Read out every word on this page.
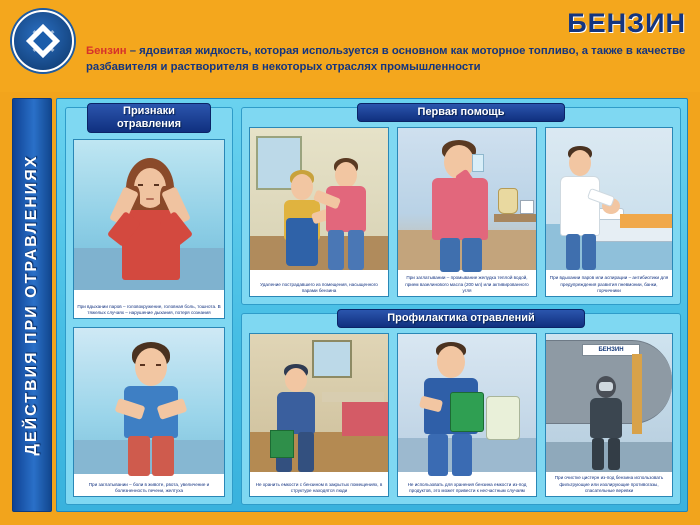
БЕНЗИН
Бензин – ядовитая жидкость, которая используется в основном как моторное топливо, а также в качестве разбавителя и растворителя в некоторых отраслях промышленности
ДЕЙСТВИЯ ПРИ ОТРАВЛЕНИЯХ
Признаки
отравления
При вдыхании паров – головокружение, головная боль, тошнота. В тяжелых случаях – нарушение дыхания, потеря сознания
При заглатывании – боли в животе, рвота, увеличение и болезненность печени, желтуха
Первая помощь
Удаление пострадавшего из помещения, насыщенного парами бензина
При заглатывании – промывание желудка теплой водой, прием вазелинового масла (200 мл) или активированного угля
При вдыхании паров или аспирации – антибиотики для предупреждения развития пневмонии, банки, горчичники
Профилактика отравлений
Не хранить емкости с бензином в закрытых помещениях, в структуре находятся люди
Не использовать для хранения бензина емкости из-под продуктов, это может привести к несчастным случаям
БЕНЗИН
При очистке цистерн из-под бензина использовать фильтрующие или изолирующие противогазы, спасательные веревки
